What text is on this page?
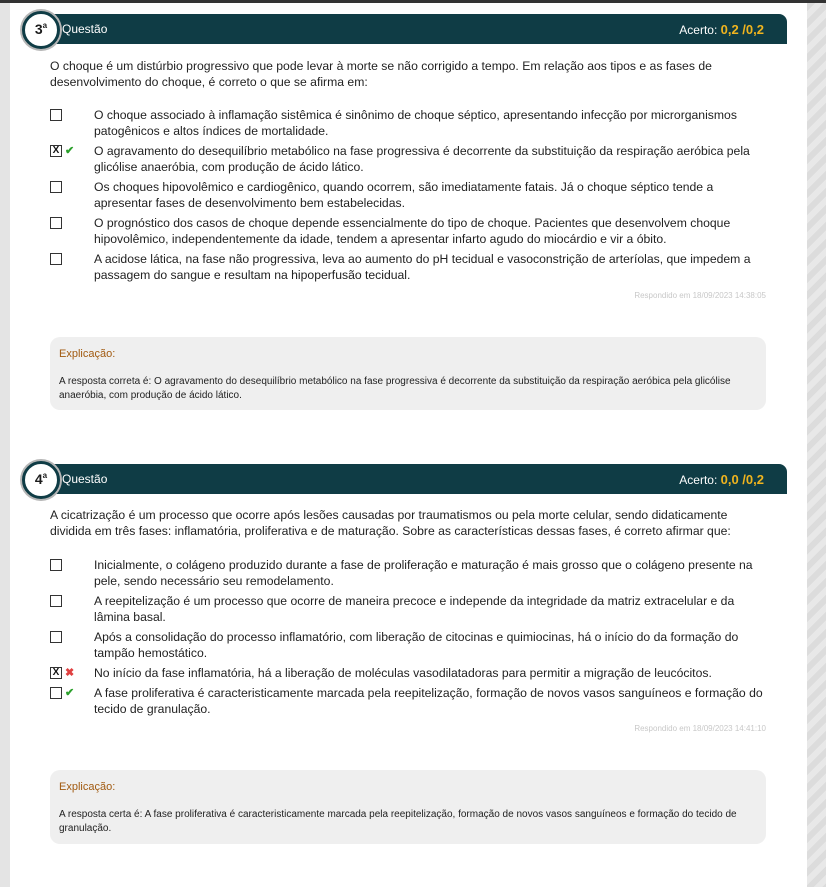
Questão	Acerto: 0,2 /0,2
3$^a$
O choque é um distúrbio progressivo que pode levar à morte se não corrigido a tempo. Em relação aos tipos e as fases de desenvolvimento do choque, é correto o que se afirma em:
O choque associado à inflamação sistêmica é sinônimo de choque séptico, apresentando infecção por microrganismos patogênicos e altos índices de mortalidade.
X ✔ O agravamento do desequilíbrio metabólico na fase progressiva é decorrente da substituição da respiração aeróbica pela glicólise anaeróbia, com produção de ácido lático.
Os choques hipovolêmico e cardiogênico, quando ocorrem, são imediatamente fatais. Já o choque séptico tende a apresentar fases de desenvolvimento bem estabelecidas.
O prognóstico dos casos de choque depende essencialmente do tipo de choque. Pacientes que desenvolvem choque hipovolêmico, independentemente da idade, tendem a apresentar infarto agudo do miocárdio e vir a óbito.
A acidose lática, na fase não progressiva, leva ao aumento do pH tecidual e vasoconstrição de arteríolas, que impedem a passagem do sangue e resultam na hipoperfusão tecidual.
Respondido em 18/09/2023 14:38:05
Explicação:
A resposta correta é: O agravamento do desequilíbrio metabólico na fase progressiva é decorrente da substituição da respiração aeróbica pela glicólise anaeróbia, com produção de ácido lático.
Questão	Acerto: 0,0 /0,2
4$^a$
A cicatrização é um processo que ocorre após lesões causadas por traumatismos ou pela morte celular, sendo didaticamente dividida em três fases: inflamatória, proliferativa e de maturação. Sobre as características dessas fases, é correto afirmar que:
Inicialmente, o colágeno produzido durante a fase de proliferação e maturação é mais grosso que o colágeno presente na pele, sendo necessário seu remodelamento.
A reepitelização é um processo que ocorre de maneira precoce e independe da integridade da matriz extracelular e da lâmina basal.
Após a consolidação do processo inflamatório, com liberação de citocinas e quimiocinas, há o início do da formação do tampão hemostático.
X ✖ No início da fase inflamatória, há a liberação de moléculas vasodilatadoras para permitir a migração de leucócitos.
✔ A fase proliferativa é caracteristicamente marcada pela reepitelização, formação de novos vasos sanguíneos e formação do tecido de granulação.
Respondido em 18/09/2023 14:41:10
Explicação:
A resposta certa é: A fase proliferativa é caracteristicamente marcada pela reepitelização, formação de novos vasos sanguíneos e formação do tecido de granulação.
